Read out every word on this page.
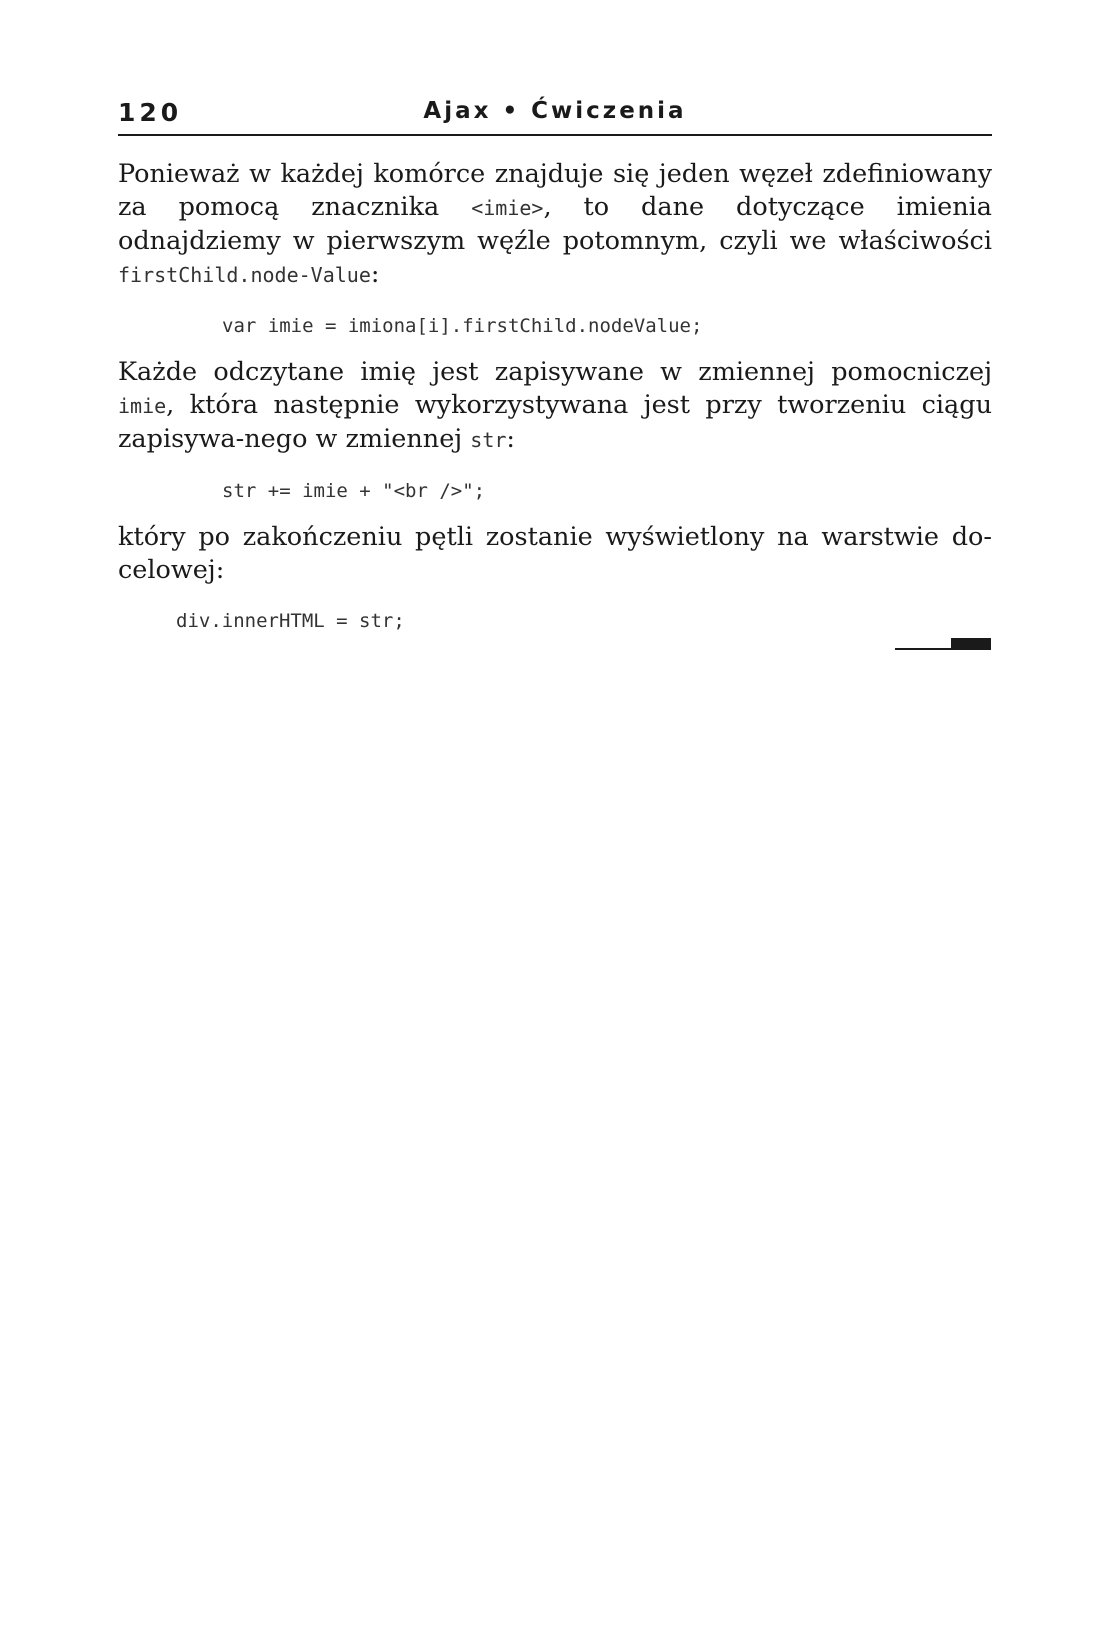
120	Ajax • Ćwiczenia

Ponieważ w każdej komórce znajduje się jeden węzeł zdefiniowany za pomocą znacznika <imie>, to dane dotyczące imienia odnajdziemy w pierwszym węźle potomnym, czyli we właściwości firstChild.node-Value:

var imie = imiona[i].firstChild.nodeValue;

Każde odczytane imię jest zapisywane w zmiennej pomocniczej imie, która następnie wykorzystywana jest przy tworzeniu ciągu zapisywa-nego w zmiennej str:

str += imie + "<br />";

który po zakończeniu pętli zostanie wyświetlony na warstwie do-celowej:

div.innerHTML = str;
